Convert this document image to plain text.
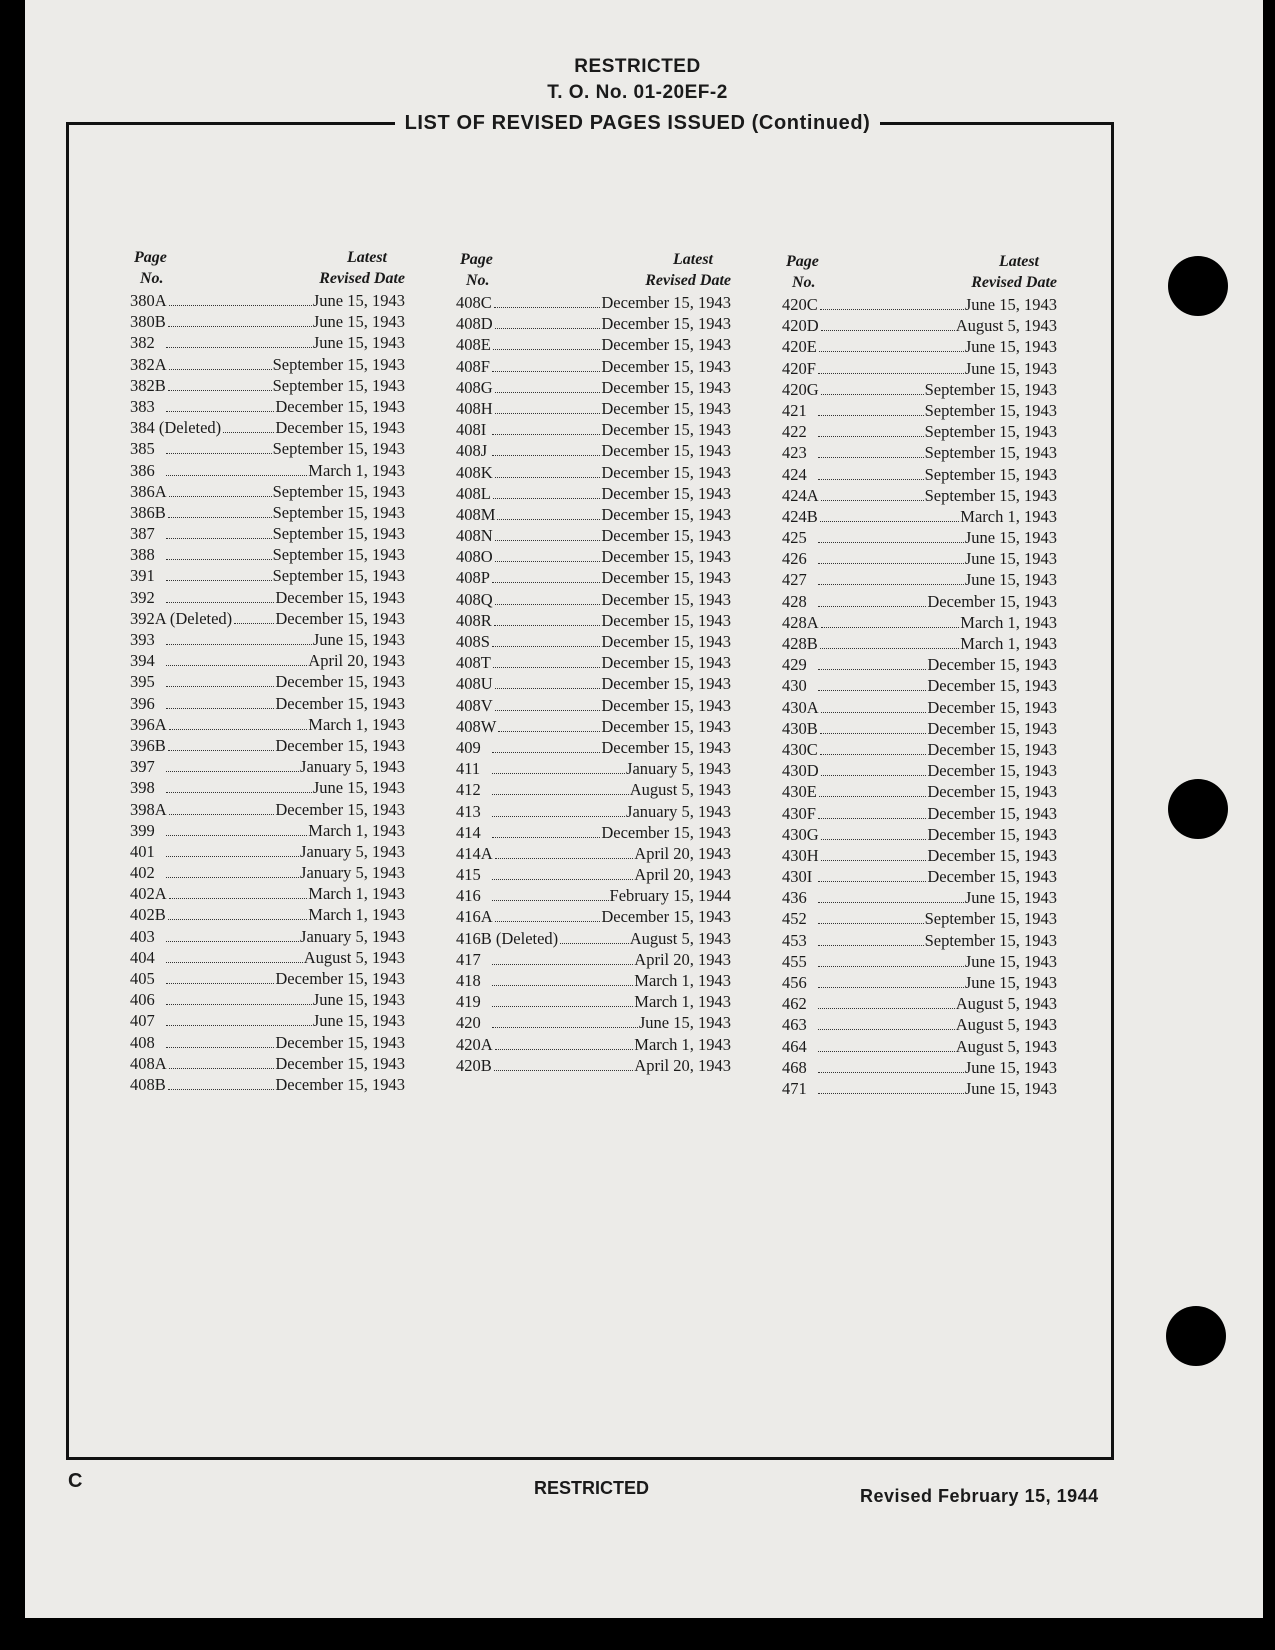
RESTRICTED
T. O. No. 01-20EF-2
LIST OF REVISED PAGES ISSUED (Continued)
Page
No.
Latest
Revised Date
380A	June 15, 1943
380B	June 15, 1943
382	June 15, 1943
382A	September 15, 1943
382B	September 15, 1943
383	December 15, 1943
384 (Deleted)	December 15, 1943
385	September 15, 1943
386	March 1, 1943
386A	September 15, 1943
386B	September 15, 1943
387	September 15, 1943
388	September 15, 1943
391	September 15, 1943
392	December 15, 1943
392A (Deleted)	December 15, 1943
393	June 15, 1943
394	April 20, 1943
395	December 15, 1943
396	December 15, 1943
396A	March 1, 1943
396B	December 15, 1943
397	January 5, 1943
398	June 15, 1943
398A	December 15, 1943
399	March 1, 1943
401	January 5, 1943
402	January 5, 1943
402A	March 1, 1943
402B	March 1, 1943
403	January 5, 1943
404	August 5, 1943
405	December 15, 1943
406	June 15, 1943
407	June 15, 1943
408	December 15, 1943
408A	December 15, 1943
408B	December 15, 1943
Page
No.
Latest
Revised Date
408C	December 15, 1943
408D	December 15, 1943
408E	December 15, 1943
408F	December 15, 1943
408G	December 15, 1943
408H	December 15, 1943
408I	December 15, 1943
408J	December 15, 1943
408K	December 15, 1943
408L	December 15, 1943
408M	December 15, 1943
408N	December 15, 1943
408O	December 15, 1943
408P	December 15, 1943
408Q	December 15, 1943
408R	December 15, 1943
408S	December 15, 1943
408T	December 15, 1943
408U	December 15, 1943
408V	December 15, 1943
408W	December 15, 1943
409	December 15, 1943
411	January 5, 1943
412	August 5, 1943
413	January 5, 1943
414	December 15, 1943
414A	April 20, 1943
415	April 20, 1943
416	February 15, 1944
416A	December 15, 1943
416B (Deleted)	August 5, 1943
417	April 20, 1943
418	March 1, 1943
419	March 1, 1943
420	June 15, 1943
420A	March 1, 1943
420B	April 20, 1943
Page
No.
Latest
Revised Date
420C	June 15, 1943
420D	August 5, 1943
420E	June 15, 1943
420F	June 15, 1943
420G	September 15, 1943
421	September 15, 1943
422	September 15, 1943
423	September 15, 1943
424	September 15, 1943
424A	September 15, 1943
424B	March 1, 1943
425	June 15, 1943
426	June 15, 1943
427	June 15, 1943
428	December 15, 1943
428A	March 1, 1943
428B	March 1, 1943
429	December 15, 1943
430	December 15, 1943
430A	December 15, 1943
430B	December 15, 1943
430C	December 15, 1943
430D	December 15, 1943
430E	December 15, 1943
430F	December 15, 1943
430G	December 15, 1943
430H	December 15, 1943
430I	December 15, 1943
436	June 15, 1943
452	September 15, 1943
453	September 15, 1943
455	June 15, 1943
456	June 15, 1943
462	August 5, 1943
463	August 5, 1943
464	August 5, 1943
468	June 15, 1943
471	June 15, 1943
C	RESTRICTED	Revised February 15, 1944
